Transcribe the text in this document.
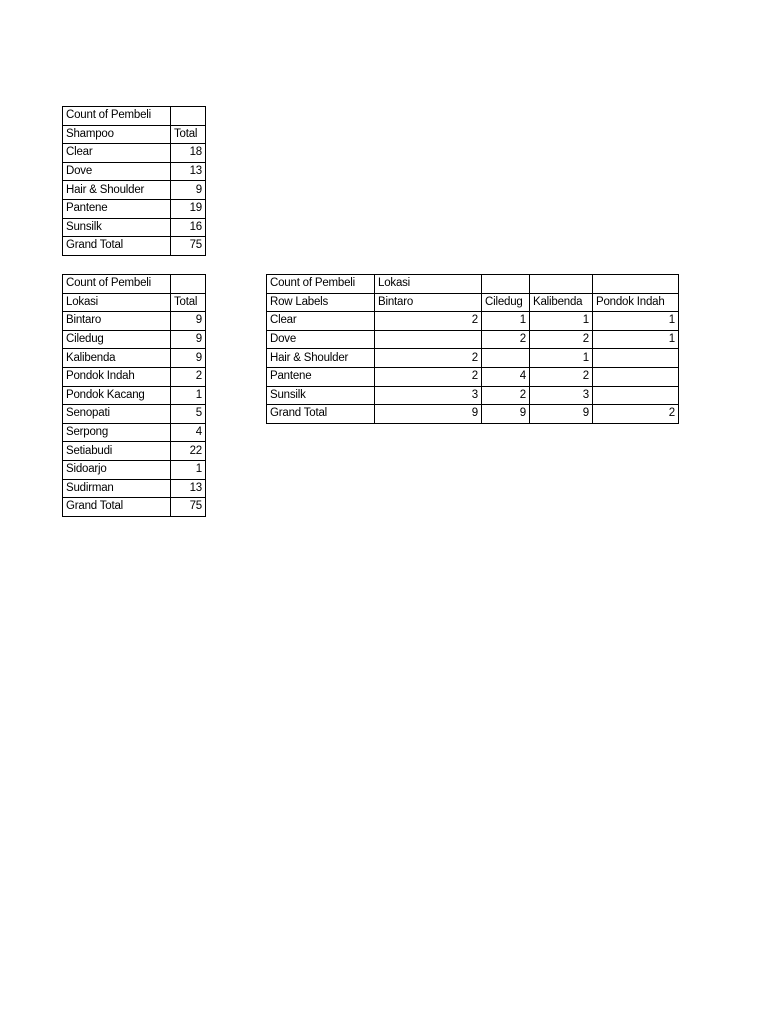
Count of Pembeli	
Shampoo	Total
Clear	18
Dove	13
Hair & Shoulder	9
Pantene	19
Sunsilk	16
Grand Total	75
Count of Pembeli	
Lokasi	Total
Bintaro	9
Ciledug	9
Kalibenda	9
Pondok Indah	2
Pondok Kacang	1
Senopati	5
Serpong	4
Setiabudi	22
Sidoarjo	1
Sudirman	13
Grand Total	75
Count of Pembeli	Lokasi			
Row Labels	Bintaro	Ciledug	Kalibenda	Pondok Indah
Clear	2	1	1	1
Dove		2	2	1
Hair & Shoulder	2		1	
Pantene	2	4	2	
Sunsilk	3	2	3	
Grand Total	9	9	9	2
